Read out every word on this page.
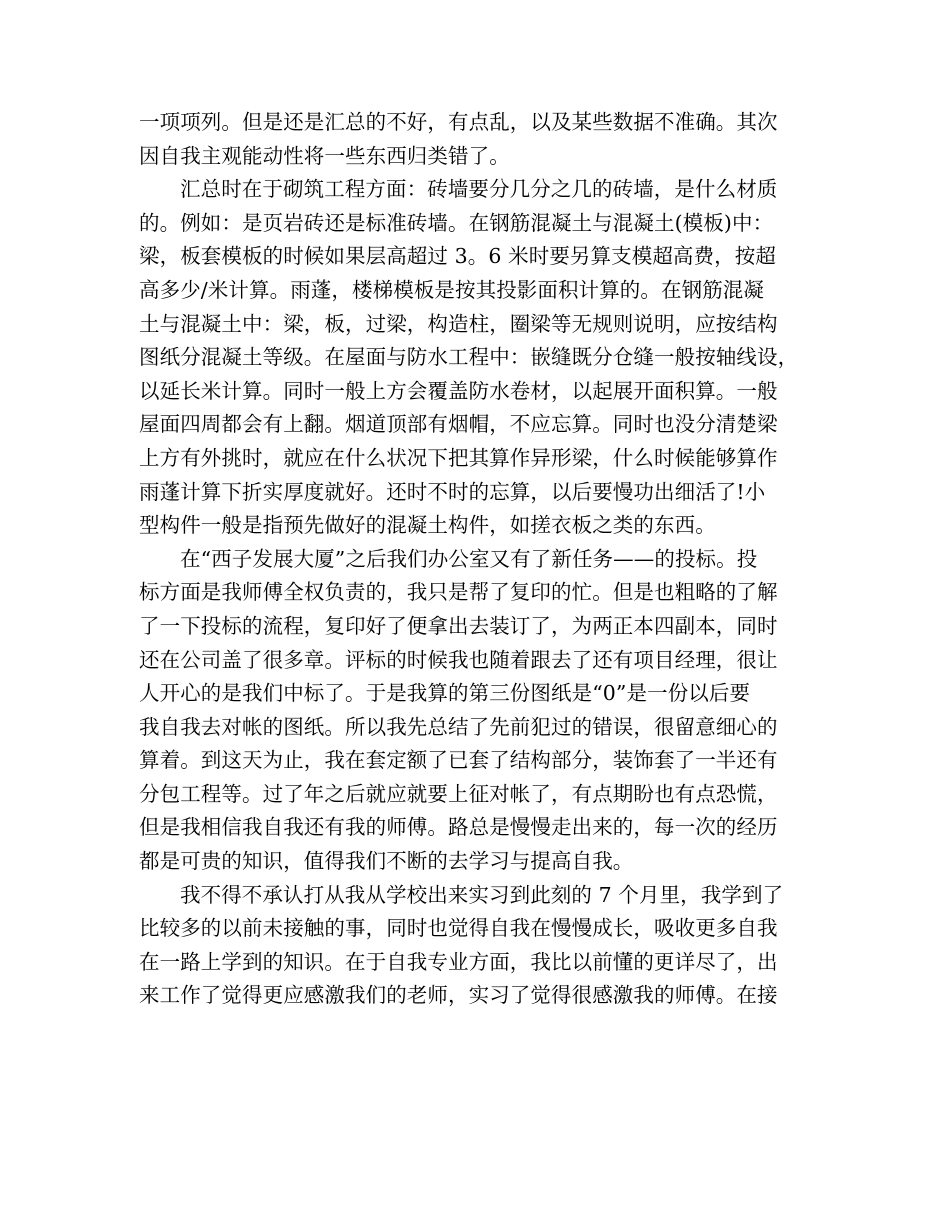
一项项列。但是还是汇总的不好，有点乱，以及某些数据不准确。其次
因自我主观能动性将一些东西归类错了。
汇总时在于砌筑工程方面：砖墙要分几分之几的砖墙，是什么材质
的。例如：是页岩砖还是标准砖墙。在钢筋混凝土与混凝土(模板)中：
梁，板套模板的时候如果层高超过 3。6 米时要另算支模超高费，按超
高多少/米计算。雨蓬，楼梯模板是按其投影面积计算的。在钢筋混凝
土与混凝土中：梁，板，过梁，构造柱，圈梁等无规则说明，应按结构
图纸分混凝土等级。在屋面与防水工程中：嵌缝既分仓缝一般按轴线设，
以延长米计算。同时一般上方会覆盖防水卷材，以起展开面积算。一般
屋面四周都会有上翻。烟道顶部有烟帽，不应忘算。同时也没分清楚梁
上方有外挑时，就应在什么状况下把其算作异形梁，什么时候能够算作
雨蓬计算下折实厚度就好。还时不时的忘算，以后要慢功出细活了!小
型构件一般是指预先做好的混凝土构件，如搓衣板之类的东西。
在“西子发展大厦”之后我们办公室又有了新任务——的投标。投
标方面是我师傅全权负责的，我只是帮了复印的忙。但是也粗略的了解
了一下投标的流程，复印好了便拿出去装订了，为两正本四副本，同时
还在公司盖了很多章。评标的时候我也随着跟去了还有项目经理，很让
人开心的是我们中标了。于是我算的第三份图纸是“0”是一份以后要
我自我去对帐的图纸。所以我先总结了先前犯过的错误，很留意细心的
算着。到这天为止，我在套定额了已套了结构部分，装饰套了一半还有
分包工程等。过了年之后就应就要上征对帐了，有点期盼也有点恐慌，
但是我相信我自我还有我的师傅。路总是慢慢走出来的，每一次的经历
都是可贵的知识，值得我们不断的去学习与提高自我。
我不得不承认打从我从学校出来实习到此刻的 7 个月里，我学到了
比较多的以前未接触的事，同时也觉得自我在慢慢成长，吸收更多自我
在一路上学到的知识。在于自我专业方面，我比以前懂的更详尽了，出
来工作了觉得更应感激我们的老师，实习了觉得很感激我的师傅。在接
